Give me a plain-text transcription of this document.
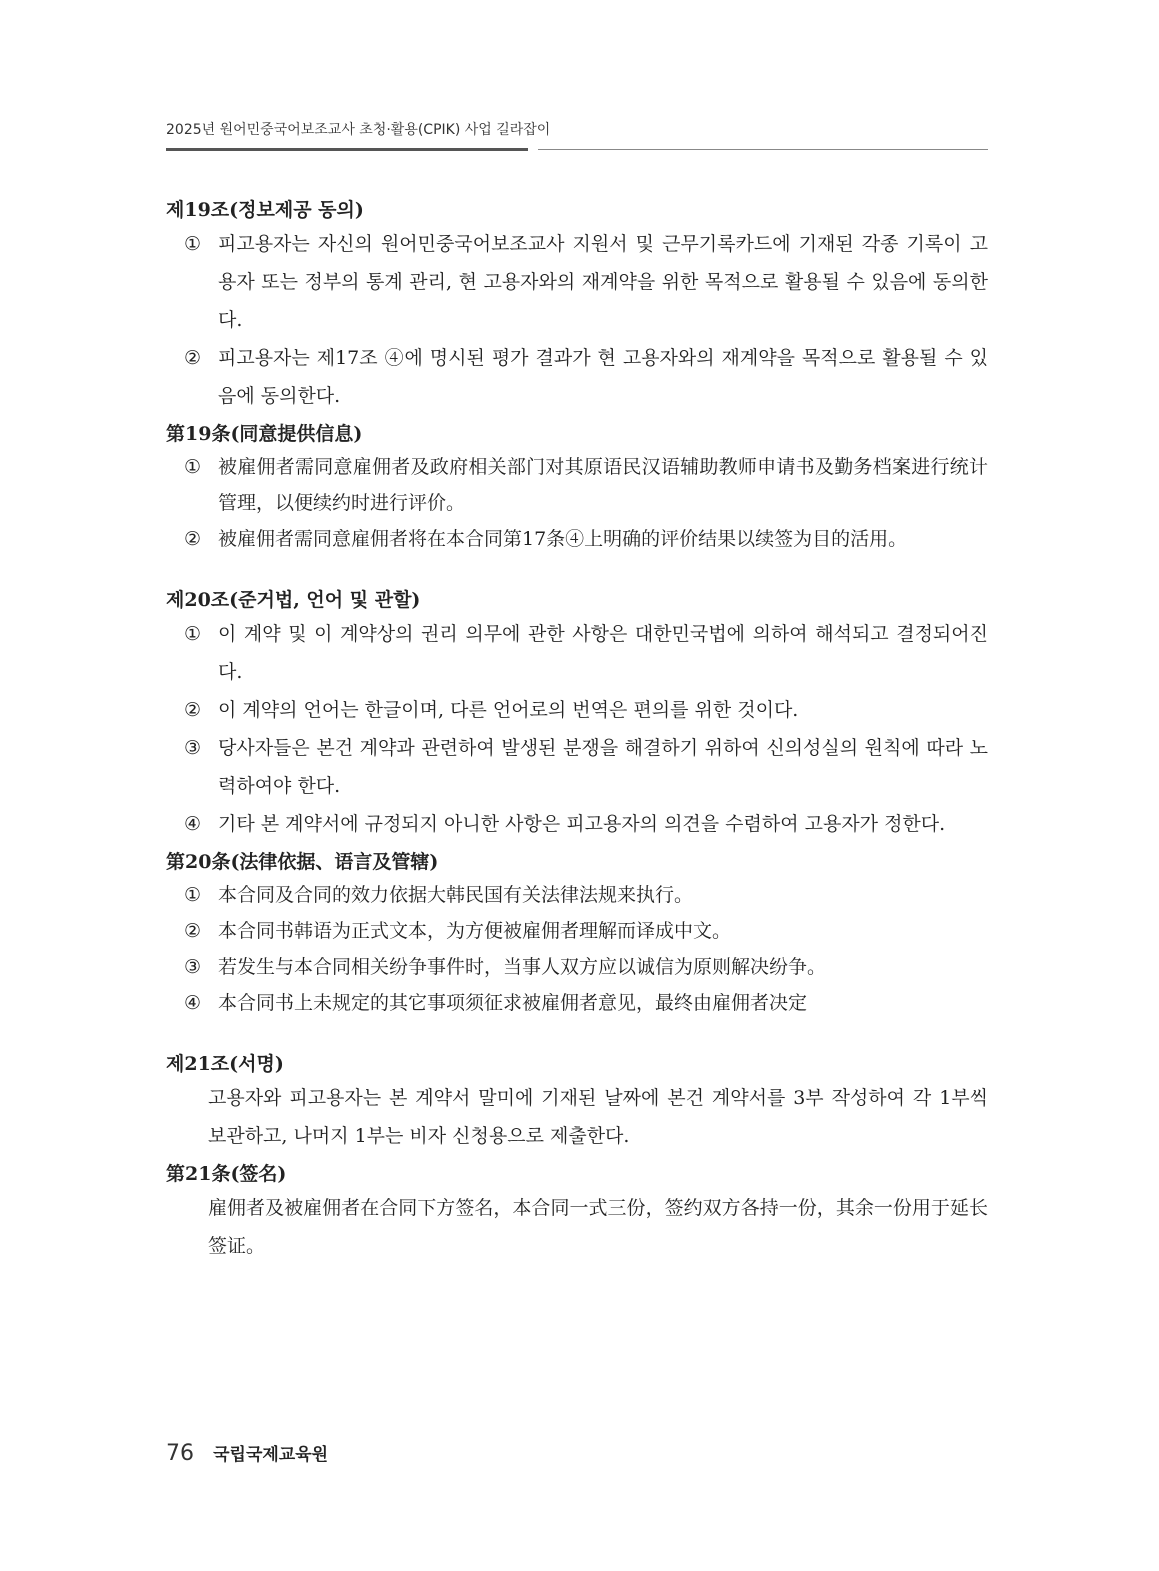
2025년 원어민중국어보조교사 초청·활용(CPIK) 사업 길라잡이
제19조(정보제공 동의)
① 피고용자는 자신의 원어민중국어보조교사 지원서 및 근무기록카드에 기재된 각종 기록이 고용자 또는 정부의 통계 관리, 현 고용자와의 재계약을 위한 목적으로 활용될 수 있음에 동의한다.
② 피고용자는 제17조 ④에 명시된 평가 결과가 현 고용자와의 재계약을 목적으로 활용될 수 있음에 동의한다.
第19条(同意提供信息)
① 被雇佣者需同意雇佣者及政府相关部门对其原语民汉语辅助教师申请书及勤务档案进行统计管理，以便续约时进行评价。
② 被雇佣者需同意雇佣者将在本合同第17条④上明确的评价结果以续签为目的活用。
제20조(준거법, 언어 및 관할)
① 이 계약 및 이 계약상의 권리 의무에 관한 사항은 대한민국법에 의하여 해석되고 결정되어진다.
② 이 계약의 언어는 한글이며, 다른 언어로의 번역은 편의를 위한 것이다.
③ 당사자들은 본건 계약과 관련하여 발생된 분쟁을 해결하기 위하여 신의성실의 원칙에 따라 노력하여야 한다.
④ 기타 본 계약서에 규정되지 아니한 사항은 피고용자의 의견을 수렴하여 고용자가 정한다.
第20条(法律依据、语言及管辖)
① 本合同及合同的效力依据大韩民国有关法律法规来执行。
② 本合同书韩语为正式文本，为方便被雇佣者理解而译成中文。
③ 若发生与本合同相关纷争事件时，当事人双方应以诚信为原则解决纷争。
④ 本合同书上未规定的其它事项须征求被雇佣者意见，最终由雇佣者决定
제21조(서명)
고용자와 피고용자는 본 계약서 말미에 기재된 날짜에 본건 계약서를 3부 작성하여 각 1부씩 보관하고, 나머지 1부는 비자 신청용으로 제출한다.
第21条(签名)
雇佣者及被雇佣者在合同下方签名，本合同一式三份，签约双方各持一份，其余一份用于延长签证。
76 국립국제교육원
